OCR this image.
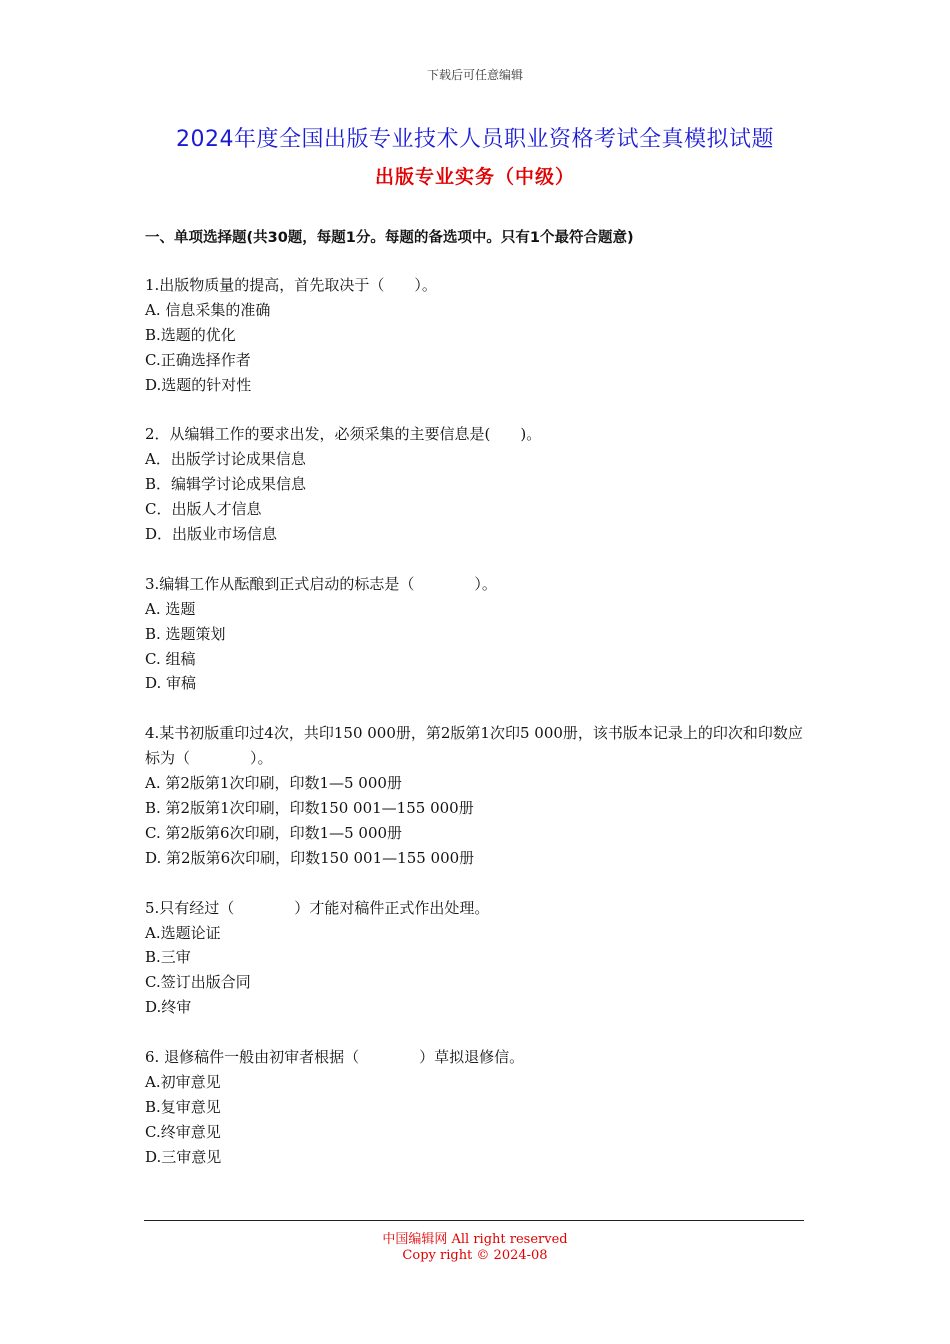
下载后可任意编辑
2024年度全国出版专业技术人员职业资格考试全真模拟试题
出版专业实务（中级）
一、单项选择题(共30题，每题1分。每题的备选项中。只有1个最符合题意)
1.出版物质量的提高，首先取决于（　　）。
A. 信息采集的准确
B.选题的优化
C.正确选择作者
D.选题的针对性
2．从编辑工作的要求出发，必须采集的主要信息是(　　)。
A．出版学讨论成果信息
B．编辑学讨论成果信息
C．出版人才信息
D．出版业市场信息
3.编辑工作从酝酿到正式启动的标志是（　　　　）。
A. 选题
B. 选题策划
C. 组稿
D. 审稿
4.某书初版重印过4次，共印150 000册，第2版第1次印5 000册，该书版本记录上的印次和印数应标为（　　　　）。
A. 第2版第1次印刷，印数1—5 000册
B. 第2版第1次印刷，印数150 001—155 000册
C. 第2版第6次印刷，印数1—5 000册
D. 第2版第6次印刷，印数150 001—155 000册
5.只有经过（　　　　）才能对稿件正式作出处理。
A.选题论证
B.三审
C.签订出版合同
D.终审
6. 退修稿件一般由初审者根据（　　　　）草拟退修信。
A.初审意见
B.复审意见
C.终审意见
D.三审意见
中国编辑网 All right reserved
Copy right © 2024-08
